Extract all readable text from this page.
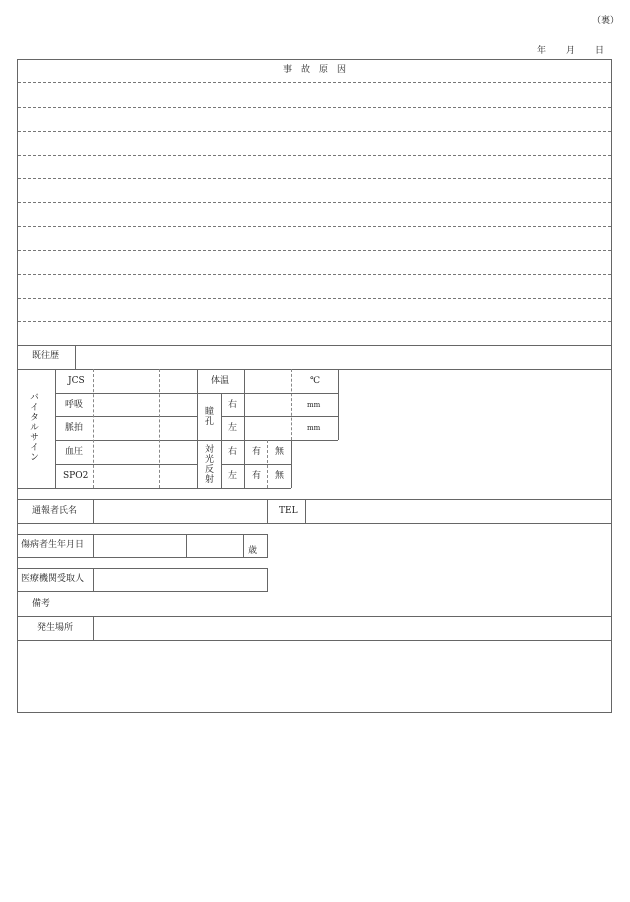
（裏）
年 月 日
事　故　原　因
既往歴
バイタルサイン
JCS
呼吸
脈拍
血圧
SPO2
体温	℃
瞳孔
右
左
mm
mm
対光反射 右
左
有 無
有 無
通報者氏名	TEL
傷病者生年月日
歳
医療機関受取人
備考
発生場所
